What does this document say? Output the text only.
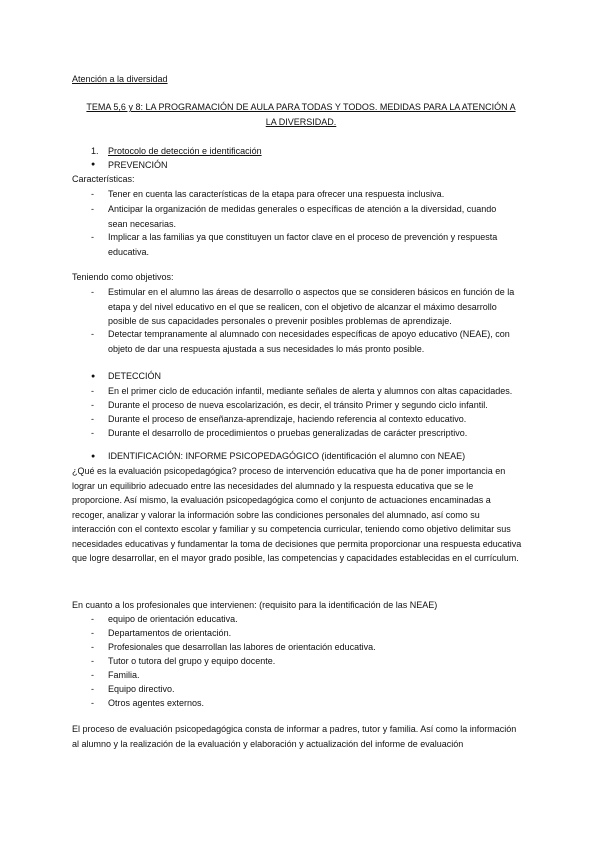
Atención a la diversidad
TEMA 5,6 y 8: LA PROGRAMACIÓN DE AULA PARA TODAS Y TODOS. MEDIDAS PARA LA ATENCIÓN A LA DIVERSIDAD.
1. Protocolo de detección e identificación
● PREVENCIÓN
Características:
- Tener en cuenta las características de la etapa para ofrecer una respuesta inclusiva.
- Anticipar la organización de medidas generales o específicas de atención a la diversidad, cuando sean necesarias.
- Implicar a las familias ya que constituyen un factor clave en el proceso de prevención y respuesta educativa.
Teniendo como objetivos:
- Estimular en el alumno las áreas de desarrollo o aspectos que se consideren básicos en función de la etapa y del nivel educativo en el que se realicen, con el objetivo de alcanzar el máximo desarrollo posible de sus capacidades personales o prevenir posibles problemas de aprendizaje.
- Detectar tempranamente al alumnado con necesidades específicas de apoyo educativo (NEAE), con objeto de dar una respuesta ajustada a sus necesidades lo más pronto posible.
● DETECCIÓN
- En el primer ciclo de educación infantil, mediante señales de alerta y alumnos con altas capacidades.
- Durante el proceso de nueva escolarización, es decir, el tránsito Primer y segundo ciclo infantil.
- Durante el proceso de enseñanza-aprendizaje, haciendo referencia al contexto educativo.
- Durante el desarrollo de procedimientos o pruebas generalizadas de carácter prescriptivo.
● IDENTIFICACIÓN: INFORME PSICOPEDAGÓGICO (identificación el alumno con NEAE)

¿Qué es la evaluación psicopedagógica? proceso de intervención educativa que ha de poner importancia en lograr un equilibrio adecuado entre las necesidades del alumnado y la respuesta educativa que se le proporcione. Así mismo, la evaluación psicopedagógica como el conjunto de actuaciones encaminadas a recoger, analizar y valorar la información sobre las condiciones personales del alumnado, así como su interacción con el contexto escolar y familiar y su competencia curricular, teniendo como objetivo delimitar sus necesidades educativas y fundamentar la toma de decisiones que permita proporcionar una respuesta educativa que logre desarrollar, en el mayor grado posible, las competencias y capacidades establecidas en el currículum.

En cuanto a los profesionales que intervienen: (requisito para la identificación de las NEAE)
- equipo de orientación educativa.
- Departamentos de orientación.
- Profesionales que desarrollan las labores de orientación educativa.
- Tutor o tutora del grupo y equipo docente.
- Familia.
- Equipo directivo.
- Otros agentes externos.

El proceso de evaluación psicopedagógica consta de informar a padres, tutor y familia. Así como la información al alumno y la realización de la evaluación y elaboración y actualización del informe de evaluación
